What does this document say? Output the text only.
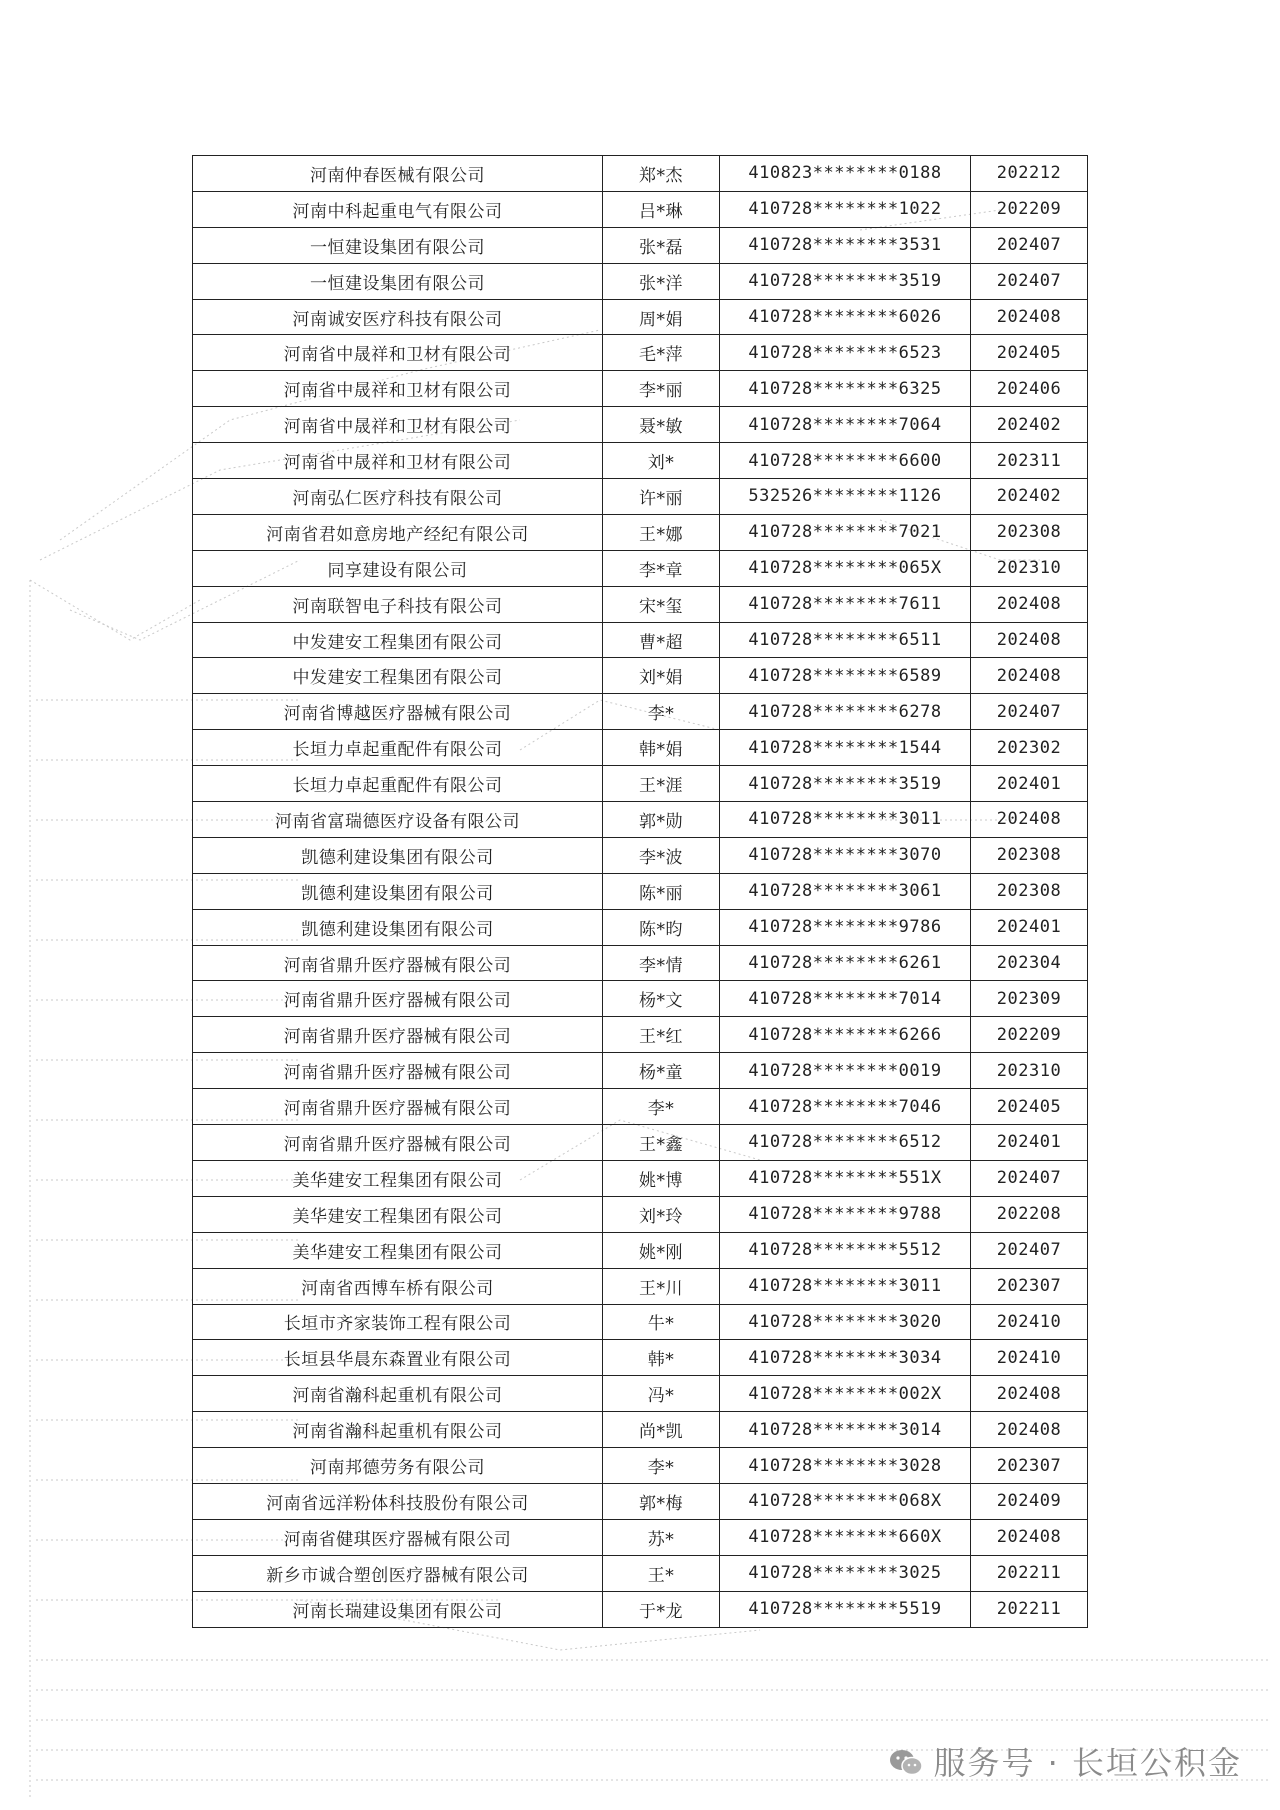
河南仲春医械有限公司	郑*杰	410823********0188	202212
河南中科起重电气有限公司	吕*琳	410728********1022	202209
一恒建设集团有限公司	张*磊	410728********3531	202407
一恒建设集团有限公司	张*洋	410728********3519	202407
河南诚安医疗科技有限公司	周*娟	410728********6026	202408
河南省中晟祥和卫材有限公司	毛*萍	410728********6523	202405
河南省中晟祥和卫材有限公司	李*丽	410728********6325	202406
河南省中晟祥和卫材有限公司	聂*敏	410728********7064	202402
河南省中晟祥和卫材有限公司	刘*	410728********6600	202311
河南弘仁医疗科技有限公司	许*丽	532526********1126	202402
河南省君如意房地产经纪有限公司	王*娜	410728********7021	202308
同享建设有限公司	李*章	410728********065X	202310
河南联智电子科技有限公司	宋*玺	410728********7611	202408
中发建安工程集团有限公司	曹*超	410728********6511	202408
中发建安工程集团有限公司	刘*娟	410728********6589	202408
河南省博越医疗器械有限公司	李*	410728********6278	202407
长垣力卓起重配件有限公司	韩*娟	410728********1544	202302
长垣力卓起重配件有限公司	王*涯	410728********3519	202401
河南省富瑞德医疗设备有限公司	郭*勋	410728********3011	202408
凯德利建设集团有限公司	李*波	410728********3070	202308
凯德利建设集团有限公司	陈*丽	410728********3061	202308
凯德利建设集团有限公司	陈*昀	410728********9786	202401
河南省鼎升医疗器械有限公司	李*情	410728********6261	202304
河南省鼎升医疗器械有限公司	杨*文	410728********7014	202309
河南省鼎升医疗器械有限公司	王*红	410728********6266	202209
河南省鼎升医疗器械有限公司	杨*童	410728********0019	202310
河南省鼎升医疗器械有限公司	李*	410728********7046	202405
河南省鼎升医疗器械有限公司	王*鑫	410728********6512	202401
美华建安工程集团有限公司	姚*博	410728********551X	202407
美华建安工程集团有限公司	刘*玲	410728********9788	202208
美华建安工程集团有限公司	姚*刚	410728********5512	202407
河南省西博车桥有限公司	王*川	410728********3011	202307
长垣市齐家装饰工程有限公司	牛*	410728********3020	202410
长垣县华晨东森置业有限公司	韩*	410728********3034	202410
河南省瀚科起重机有限公司	冯*	410728********002X	202408
河南省瀚科起重机有限公司	尚*凯	410728********3014	202408
河南邦德劳务有限公司	李*	410728********3028	202307
河南省远洋粉体科技股份有限公司	郭*梅	410728********068X	202409
河南省健琪医疗器械有限公司	苏*	410728********660X	202408
新乡市诚合塑创医疗器械有限公司	王*	410728********3025	202211
河南长瑞建设集团有限公司	于*龙	410728********5519	202211
服务号 · 长垣公积金
